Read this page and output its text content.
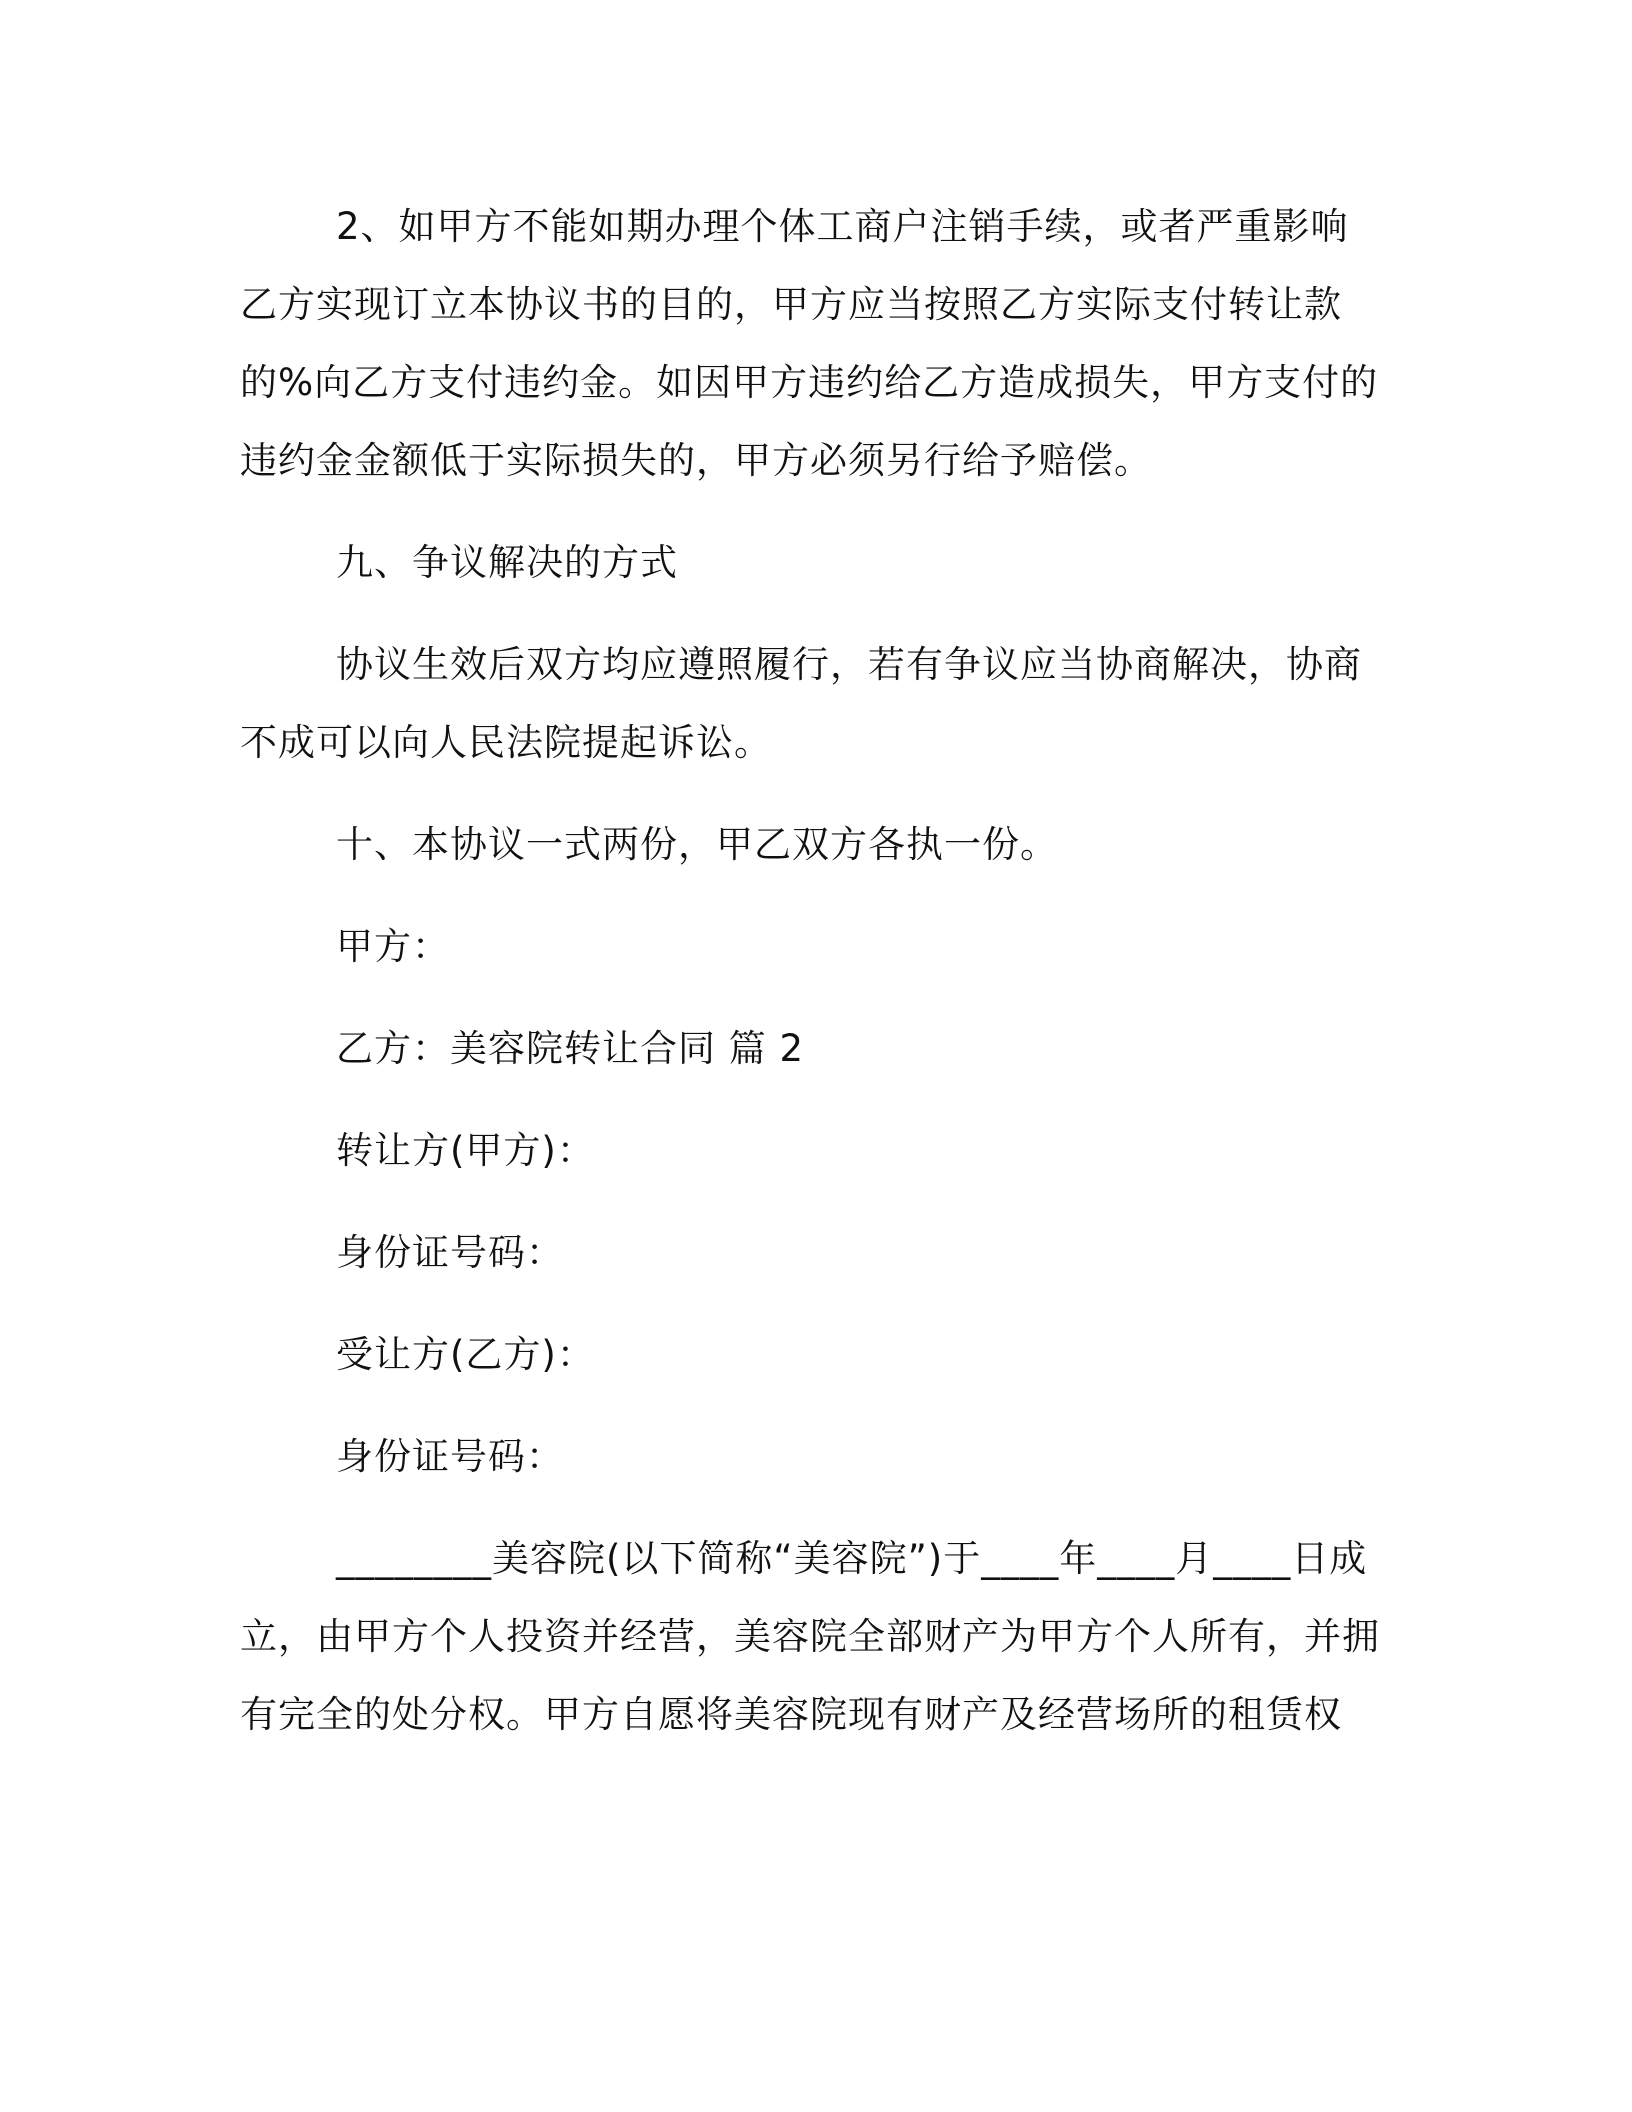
2、如甲方不能如期办理个体工商户注销手续，或者严重影响乙方实现订立本协议书的目的，甲方应当按照乙方实际支付转让款的%向乙方支付违约金。如因甲方违约给乙方造成损失，甲方支付的违约金金额低于实际损失的，甲方必须另行给予赔偿。

九、争议解决的方式

协议生效后双方均应遵照履行，若有争议应当协商解决，协商不成可以向人民法院提起诉讼。

十、本协议一式两份，甲乙双方各执一份。

甲方：

乙方：美容院转让合同 篇 2

转让方(甲方)：

身份证号码：

受让方(乙方)：

身份证号码：

________美容院(以下简称“美容院”)于____年____月____日成立，由甲方个人投资并经营，美容院全部财产为甲方个人所有，并拥有完全的处分权。甲方自愿将美容院现有财产及经营场所的租赁权
